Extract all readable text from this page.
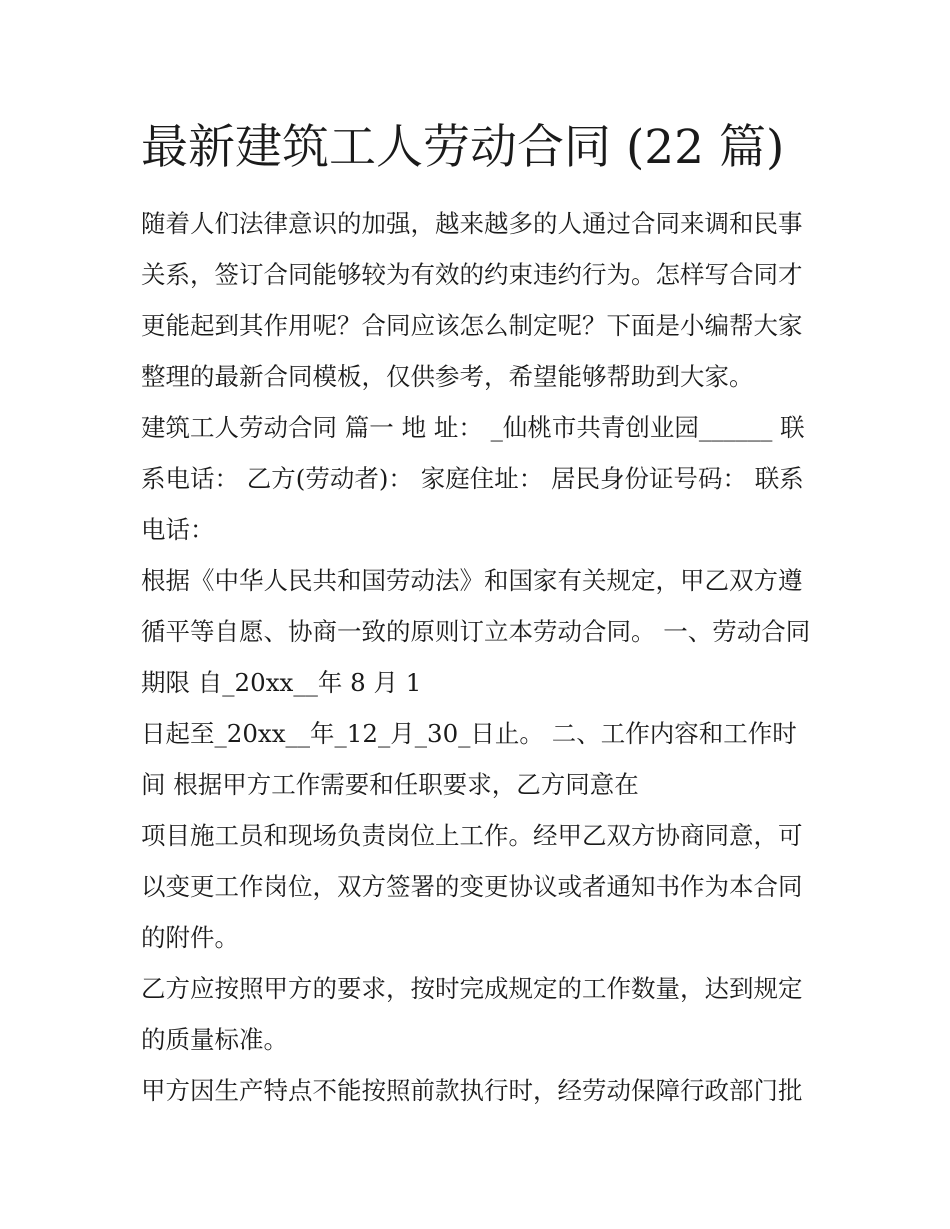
最新建筑工人劳动合同 (22 篇)

随着人们法律意识的加强，越来越多的人通过合同来调和民事关系，签订合同能够较为有效的约束违约行为。怎样写合同才更能起到其作用呢？合同应该怎么制定呢？下面是小编帮大家整理的最新合同模板，仅供参考，希望能够帮助到大家。

建筑工人劳动合同 篇一 地 址： _仙桃市共青创业园______ 联系电话： 乙方(劳动者)： 家庭住址： 居民身份证号码： 联系电话：

根据《中华人民共和国劳动法》和国家有关规定，甲乙双方遵循平等自愿、协商一致的原则订立本劳动合同。 一、劳动合同期限 自_20xx__年 8 月 1

日起至_20xx__年_12_月_30_日止。 二、工作内容和工作时间 根据甲方工作需要和任职要求，乙方同意在

项目施工员和现场负责岗位上工作。经甲乙双方协商同意，可以变更工作岗位，双方签署的变更协议或者通知书作为本合同的附件。

乙方应按照甲方的要求，按时完成规定的工作数量，达到规定的质量标准。

甲方因生产特点不能按照前款执行时，经劳动保障行政部门批
